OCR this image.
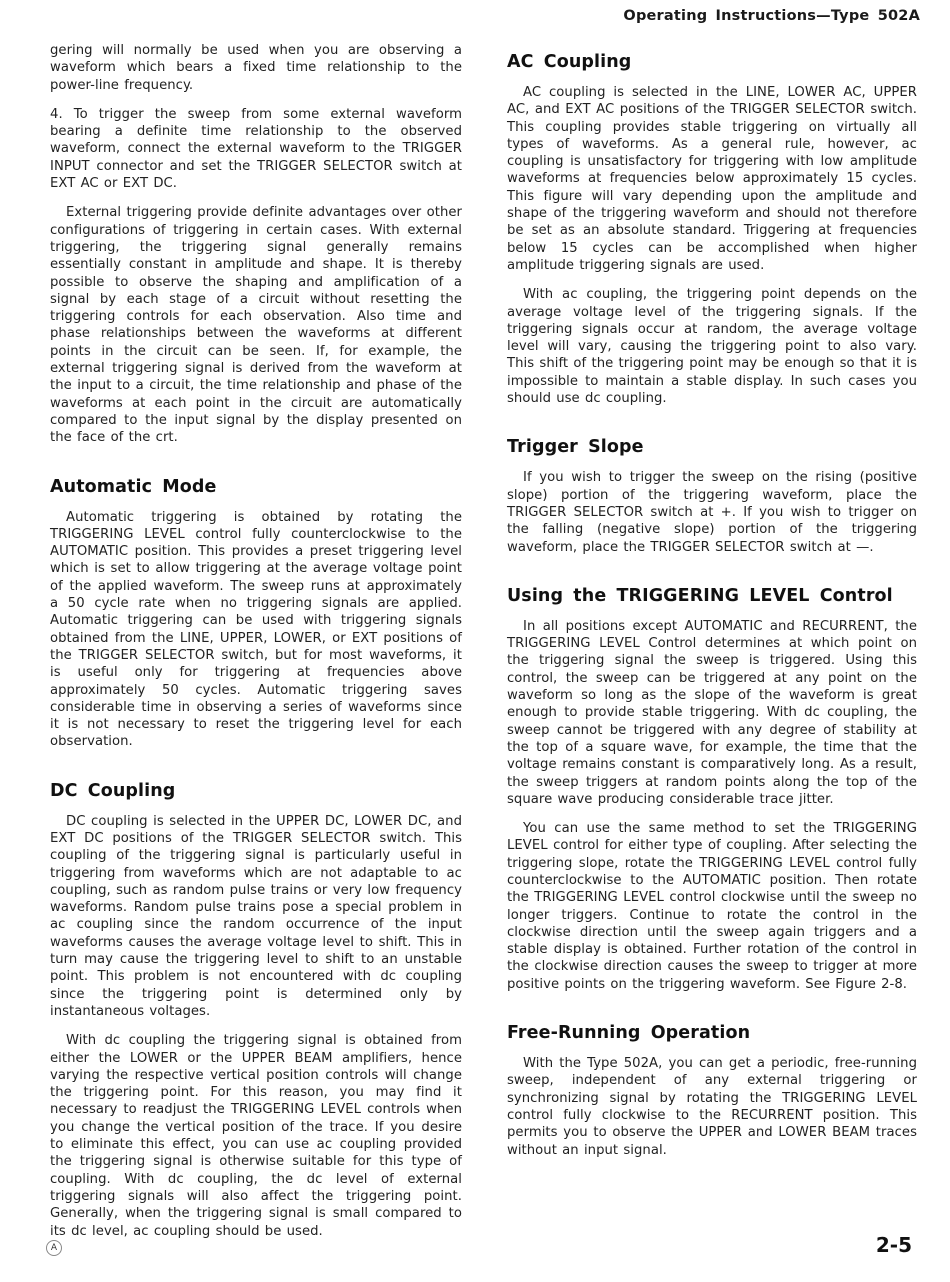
Operating Instructions—Type 502A

gering will normally be used when you are observing a waveform which bears a fixed time relationship to the power-line frequency.

4. To trigger the sweep from some external waveform bearing a definite time relationship to the observed waveform, connect the external waveform to the TRIGGER INPUT connector and set the TRIGGER SELECTOR switch at EXT AC or EXT DC.

External triggering provide definite advantages over other configurations of triggering in certain cases. With external triggering, the triggering signal generally remains essentially constant in amplitude and shape. It is thereby possible to observe the shaping and amplification of a signal by each stage of a circuit without resetting the triggering controls for each observation. Also time and phase relationships between the waveforms at different points in the circuit can be seen. If, for example, the external triggering signal is derived from the waveform at the input to a circuit, the time relationship and phase of the waveforms at each point in the circuit are automatically compared to the input signal by the display presented on the face of the crt.

Automatic Mode

Automatic triggering is obtained by rotating the TRIGGERING LEVEL control fully counterclockwise to the AUTOMATIC position. This provides a preset triggering level which is set to allow triggering at the average voltage point of the applied waveform. The sweep runs at approximately a 50 cycle rate when no triggering signals are applied. Automatic triggering can be used with triggering signals obtained from the LINE, UPPER, LOWER, or EXT positions of the TRIGGER SELECTOR switch, but for most waveforms, it is useful only for triggering at frequencies above approximately 50 cycles. Automatic triggering saves considerable time in observing a series of waveforms since it is not necessary to reset the triggering level for each observation.

DC Coupling

DC coupling is selected in the UPPER DC, LOWER DC, and EXT DC positions of the TRIGGER SELECTOR switch. This coupling of the triggering signal is particularly useful in triggering from waveforms which are not adaptable to ac coupling, such as random pulse trains or very low frequency waveforms. Random pulse trains pose a special problem in ac coupling since the random occurrence of the input waveforms causes the average voltage level to shift. This in turn may cause the triggering level to shift to an unstable point. This problem is not encountered with dc coupling since the triggering point is determined only by instantaneous voltages.

With dc coupling the triggering signal is obtained from either the LOWER or the UPPER BEAM amplifiers, hence varying the respective vertical position controls will change the triggering point. For this reason, you may find it necessary to readjust the TRIGGERING LEVEL controls when you change the vertical position of the trace. If you desire to eliminate this effect, you can use ac coupling provided the triggering signal is otherwise suitable for this type of coupling. With dc coupling, the dc level of external triggering signals will also affect the triggering point. Generally, when the triggering signal is small compared to its dc level, ac coupling should be used.

AC Coupling

AC coupling is selected in the LINE, LOWER AC, UPPER AC, and EXT AC positions of the TRIGGER SELECTOR switch. This coupling provides stable triggering on virtually all types of waveforms. As a general rule, however, ac coupling is unsatisfactory for triggering with low amplitude waveforms at frequencies below approximately 15 cycles. This figure will vary depending upon the amplitude and shape of the triggering waveform and should not therefore be set as an absolute standard. Triggering at frequencies below 15 cycles can be accomplished when higher amplitude triggering signals are used.

With ac coupling, the triggering point depends on the average voltage level of the triggering signals. If the triggering signals occur at random, the average voltage level will vary, causing the triggering point to also vary. This shift of the triggering point may be enough so that it is impossible to maintain a stable display. In such cases you should use dc coupling.

Trigger Slope

If you wish to trigger the sweep on the rising (positive slope) portion of the triggering waveform, place the TRIGGER SELECTOR switch at +. If you wish to trigger on the falling (negative slope) portion of the triggering waveform, place the TRIGGER SELECTOR switch at —.

Using the TRIGGERING LEVEL Control

In all positions except AUTOMATIC and RECURRENT, the TRIGGERING LEVEL Control determines at which point on the triggering signal the sweep is triggered. Using this control, the sweep can be triggered at any point on the waveform so long as the slope of the waveform is great enough to provide stable triggering. With dc coupling, the sweep cannot be triggered with any degree of stability at the top of a square wave, for example, the time that the voltage remains constant is comparatively long. As a result, the sweep triggers at random points along the top of the square wave producing considerable trace jitter.

You can use the same method to set the TRIGGERING LEVEL control for either type of coupling. After selecting the triggering slope, rotate the TRIGGERING LEVEL control fully counterclockwise to the AUTOMATIC position. Then rotate the TRIGGERING LEVEL control clockwise until the sweep no longer triggers. Continue to rotate the control in the clockwise direction until the sweep again triggers and a stable display is obtained. Further rotation of the control in the clockwise direction causes the sweep to trigger at more positive points on the triggering waveform. See Figure 2-8.

Free-Running Operation

With the Type 502A, you can get a periodic, free-running sweep, independent of any external triggering or synchronizing signal by rotating the TRIGGERING LEVEL control fully clockwise to the RECURRENT position. This permits you to observe the UPPER and LOWER BEAM traces without an input signal.

A	2-5
